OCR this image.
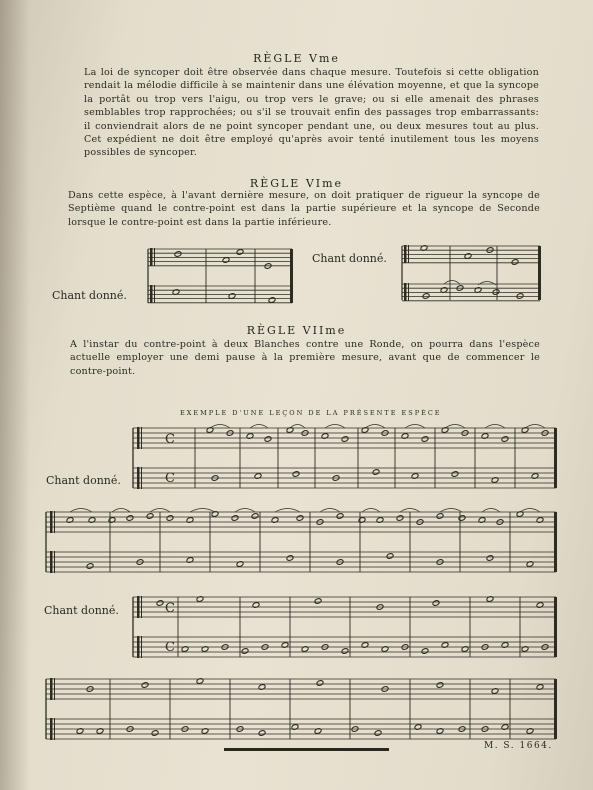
RÈGLE Vme
La loi de syncoper doit être observée dans chaque mesure. Toutefois si cette obligation rendait la mélodie difficile à se maintenir dans une élévation moyenne, et que la syncope la portât ou trop vers l'aigu, ou trop vers le grave; ou si elle amenait des phrases semblables trop rapprochées; ou s'il se trouvait enfin des passages trop embarrassants: il conviendrait alors de ne point syncoper pendant une, ou deux mesures tout au plus. Cet expédient ne doit être employé qu'après avoir tenté inutilement tous les moyens possibles de syncoper.
RÈGLE VIme
Dans cette espèce, à l'avant dernière mesure, on doit pratiquer de rigueur la syncope de Septième quand le contre-point est dans la partie supérieure et la syncope de Seconde lorsque le contre-point est dans la partie inférieure.
Chant donné.
Chant donné.
RÈGLE VIIme
A l'instar du contre-point à deux Blanches contre une Ronde, on pourra dans l'espèce actuelle employer une demi pause à la première mesure, avant que de commencer le contre-point.
EXEMPLE D'UNE LEÇON DE LA PRÉSENTE ESPÈCE
Chant donné.
Chant donné.
M. S. 1664.
C
C
C
C
